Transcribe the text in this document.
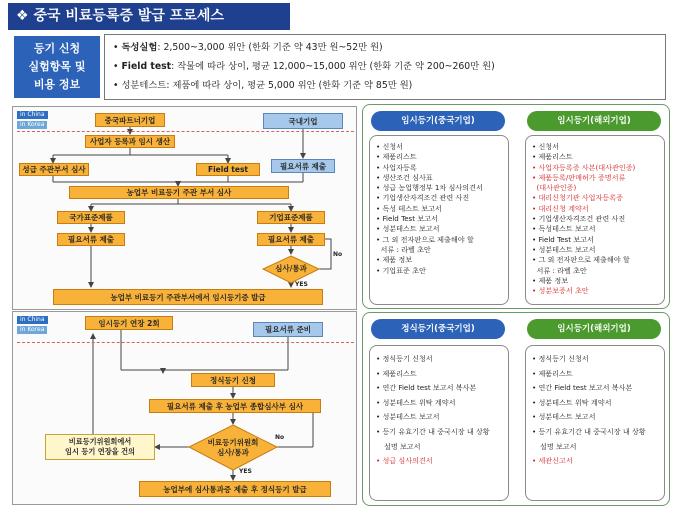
❖ 중국 비료등록증 발급 프로세스
등기 신청
실험항목 및
비용 정보
• 독성실험: 2,500~3,000 위안 (한화 기준 약 43만 원~52만 원)
• Field test: 작물에 따라 상이, 평균 12,000~15,000 위안 (한화 기준 약 200~260만 원)
• 성분테스트: 제품에 따라 상이, 평균 5,000 위안 (한화 기준 약 85만 원)
in China
in Korea	중국파트너기업	국내기업
사업자 등록과 임시 생산
성급 주관부서 심사	Field test	필요서류 제출
농업부 비료등기 주관 부서 심사
국가표준제품	기업표준제품
필요서류 제출	필요서류 제출
심사/통과
No
YES
농업부 비료등기 주관부서에서 임시등기증 발급
in China
in Korea
임시등기 연장 2회
필요서류 준비
정식등기 신청
필요서류 제출 후 농업부 종합심사부 심사
비료등기위원회에서
임시 등기 연장을 건의
비료등기위원회
심사/통과
No
YES
농업부에 심사통과증 제출 후 정식등기 발급
임시등기(중국기업)	임시등기(해외기업)
• 신청서
• 제품리스트
• 사업자등록
• 생산조건 심사표
• 성급 농업행정부 1차 심사의견서
• 기업생산자격조건 관련 사진
• 독성 테스트 보고서
• Field Test 보고서
• 성분테스트 보고서
• 그 외 전자판으로 제출해야 할
서류 : 라벨 초안
• 제품 정보
• 기업표준 초안
• 신청서
• 제품리스트
• 사업자등록증 사본(대사관인증)
• 제품등록/판매허가 증명서류
(대사관인증)
• 대리신청기관 사업자등록증
• 대리신청 계약서
• 기업생산자격조건 관련 사진
• 독성테스트 보고서
• Field Test 보고서
• 성분테스트 보고서
• 그 외 전자판으로 제출해야 할
서류 : 라벨 초안
• 제품 정보
• 성분보증서 초안
정식등기(중국기업)	임시등기(해외기업)
• 정식등기 신청서
• 제품리스트
• 연간 Field test 보고서 복사본
• 성분테스트 위탁 계약서
• 성분테스트 보고서
• 등기 유효기간 내 중국시장 내 상황 설명 보고서
• 성급 심사의견서
• 정식등기 신청서
• 제품리스트
• 연간 Field test 보고서 복사본
• 성분테스트 위탁 계약서
• 성분테스트 보고서
• 등기 유효기간 내 중국시장 내 상황 설명 보고서
• 세관신고서
